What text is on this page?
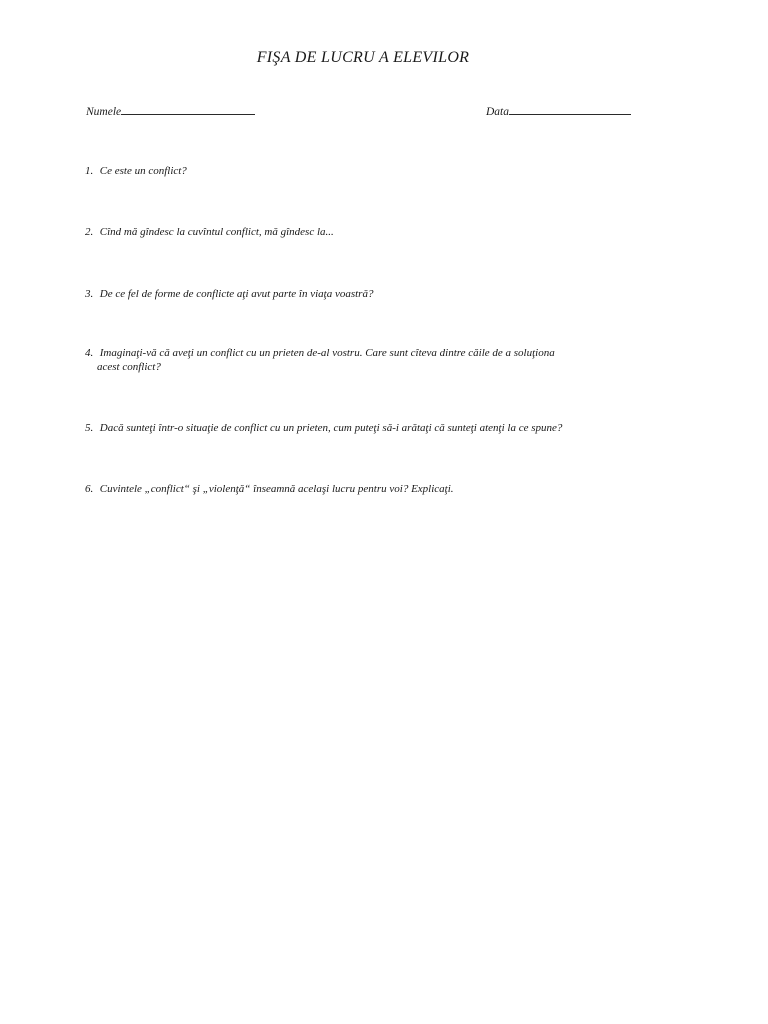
FIŞA DE LUCRU A ELEVILOR
Numele	Data
1. Ce este un conflict?
2. Cînd mă gîndesc la cuvîntul conflict, mă gîndesc la...
3. De ce fel de forme de conflicte aţi avut parte în viaţa voastră?
4. Imaginaţi-vă că aveţi un conflict cu un prieten de-al vostru. Care sunt cîteva dintre căile de a soluţiona
acest conflict?
5. Dacă sunteţi într-o situaţie de conflict cu un prieten, cum puteţi să-i arătaţi că sunteţi atenţi la ce spune?
6. Cuvintele „conflict“ şi „violenţă“ înseamnă acelaşi lucru pentru voi? Explicaţi.
